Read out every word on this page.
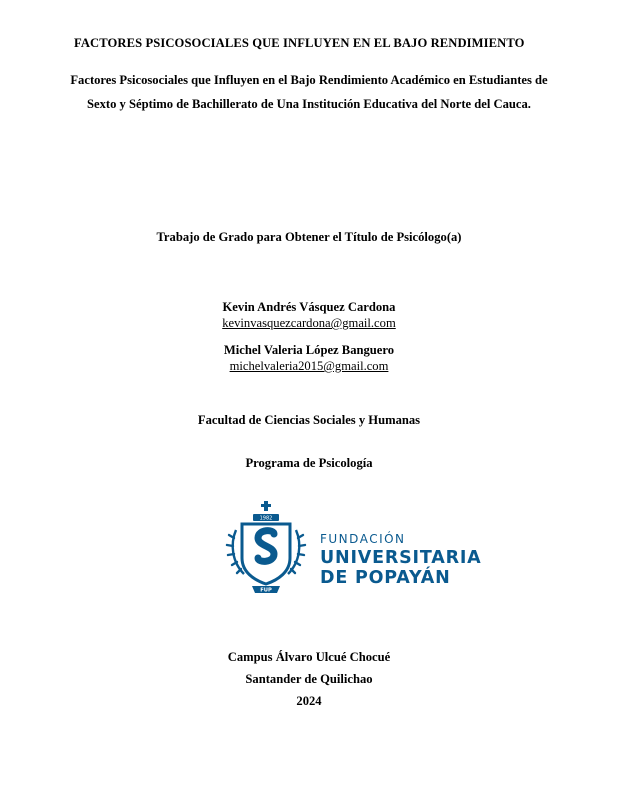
FACTORES PSICOSOCIALES QUE INFLUYEN EN EL BAJO RENDIMIENTO
Factores Psicosociales que Influyen en el Bajo Rendimiento Académico en Estudiantes de
Sexto y Séptimo de Bachillerato de Una Institución Educativa del Norte del Cauca.
Trabajo de Grado para Obtener el Título de Psicólogo(a)
Kevin Andrés Vásquez Cardona
kevinvasquezcardona@gmail.com
Michel Valeria López Banguero
michelvaleria2015@gmail.com
Facultad de Ciencias Sociales y Humanas
Programa de Psicología
1982
FUP
FUNDACIÓN
UNIVERSITARIA
DE POPAYÁN
Campus Álvaro Ulcué Chocué
Santander de Quilichao
2024
